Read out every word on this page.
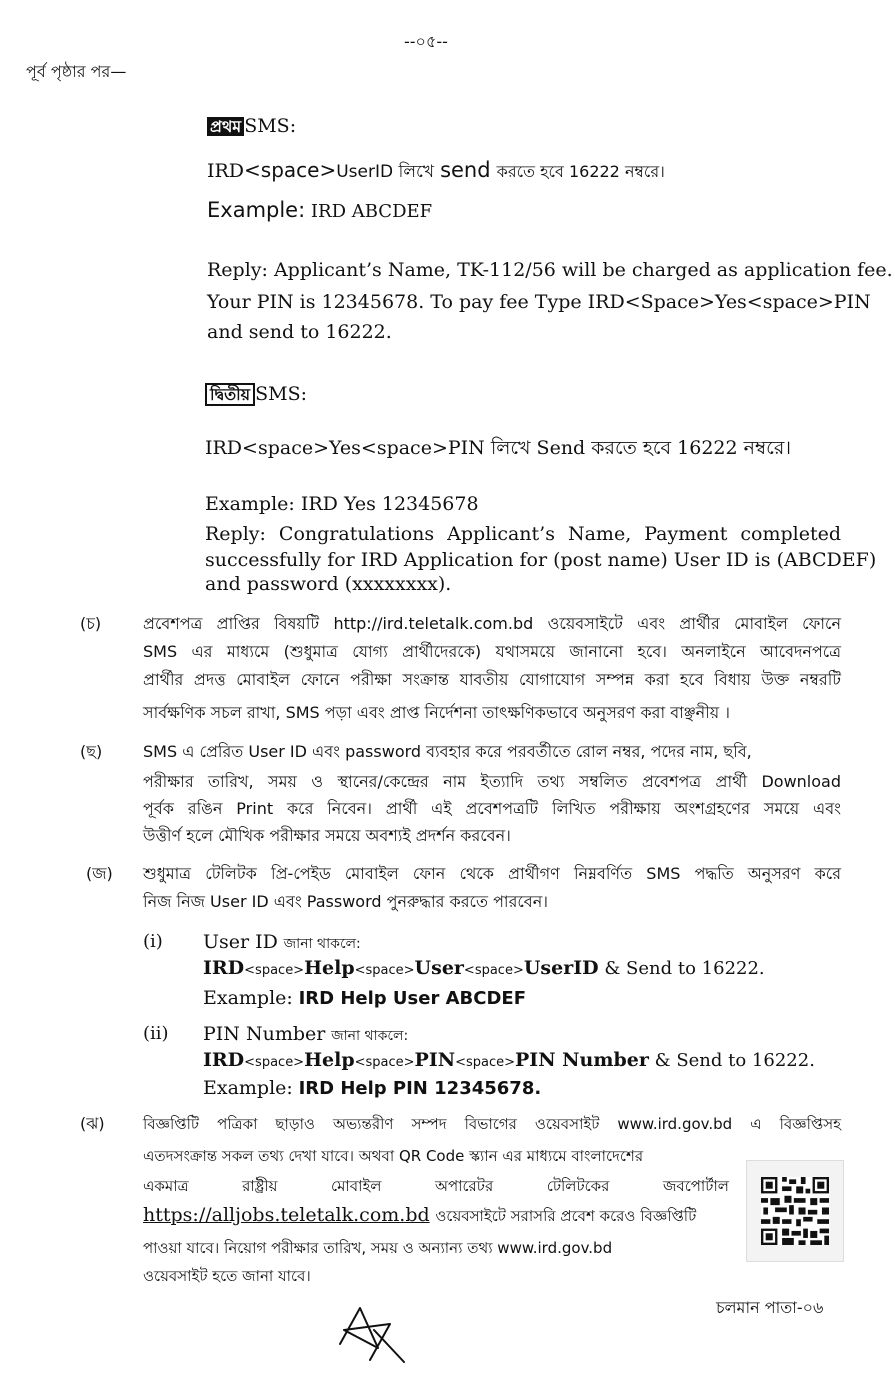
--০৫--
পূর্ব পৃষ্ঠার পর—
প্রথম SMS:
IRD<space>UserID লিখে send করতে হবে 16222 নম্বরে।
Example: IRD ABCDEF
Reply: Applicant’s Name, TK-112/56 will be charged as application fee.
Your PIN is 12345678. To pay fee Type IRD<Space>Yes<space>PIN
and send to 16222.
দ্বিতীয় SMS:
IRD<space>Yes<space>PIN লিখে Send করতে হবে 16222 নম্বরে।
Example: IRD Yes 12345678
Reply: Congratulations Applicant’s Name, Payment completed
successfully for IRD Application for (post name) User ID is (ABCDEF)
and password (xxxxxxxx).
(চ)	প্রবেশপত্র প্রাপ্তির বিষয়টি http://ird.teletalk.com.bd ওয়েবসাইটে এবং প্রার্থীর মোবাইল ফোনে
SMS এর মাধ্যমে (শুধুমাত্র যোগ্য প্রার্থীদেরকে) যথাসময়ে জানানো হবে। অনলাইনে আবেদনপত্রে
প্রার্থীর প্রদত্ত মোবাইল ফোনে পরীক্ষা সংক্রান্ত যাবতীয় যোগাযোগ সম্পন্ন করা হবে বিধায় উক্ত নম্বরটি
সার্বক্ষণিক সচল রাখা, SMS পড়া এবং প্রাপ্ত নির্দেশনা তাৎক্ষণিকভাবে অনুসরণ করা বাঞ্ছনীয় ।
(ছ)	SMS এ প্রেরিত User ID এবং password ব্যবহার করে পরবর্তীতে রোল নম্বর, পদের নাম, ছবি,
পরীক্ষার তারিখ, সময় ও স্থানের/কেন্দ্রের নাম ইত্যাদি তথ্য সম্বলিত প্রবেশপত্র প্রার্থী Download
পূর্বক রঙিন Print করে নিবেন। প্রার্থী এই প্রবেশপত্রটি লিখিত পরীক্ষায় অংশগ্রহণের সময়ে এবং
উত্তীর্ণ হলে মৌখিক পরীক্ষার সময়ে অবশ্যই প্রদর্শন করবেন।
(জ) শুধুমাত্র টেলিটক প্রি-পেইড মোবাইল ফোন থেকে প্রার্থীগণ নিম্নবর্ণিত SMS পদ্ধতি অনুসরণ করে
নিজ নিজ User ID এবং Password পুনরুদ্ধার করতে পারবেন।
(i) User ID জানা থাকলে:
IRD<space>Help<space>User<space>UserID & Send to 16222.
Example: IRD Help User ABCDEF
(ii) PIN Number জানা থাকলে:
IRD<space>Help<space>PIN<space>PIN Number & Send to 16222.
Example: IRD Help PIN 12345678.
(ঝ)	বিজ্ঞপ্তিটি পত্রিকা ছাড়াও অভ্যন্তরীণ সম্পদ বিভাগের ওয়েবসাইট www.ird.gov.bd এ বিজ্ঞপ্তিসহ
এতদসংক্রান্ত সকল তথ্য দেখা যাবে। অথবা QR Code স্ক্যান এর মাধ্যমে বাংলাদেশের
একমাত্র রাষ্ট্রীয় মোবাইল অপারেটর টেলিটকের জবপোর্টাল
https://alljobs.teletalk.com.bd ওয়েবসাইটে সরাসরি প্রবেশ করেও বিজ্ঞপ্তিটি
পাওয়া যাবে। নিয়োগ পরীক্ষার তারিখ, সময় ও অন্যান্য তথ্য www.ird.gov.bd
ওয়েবসাইট হতে জানা যাবে।
চলমান পাতা-০৬
